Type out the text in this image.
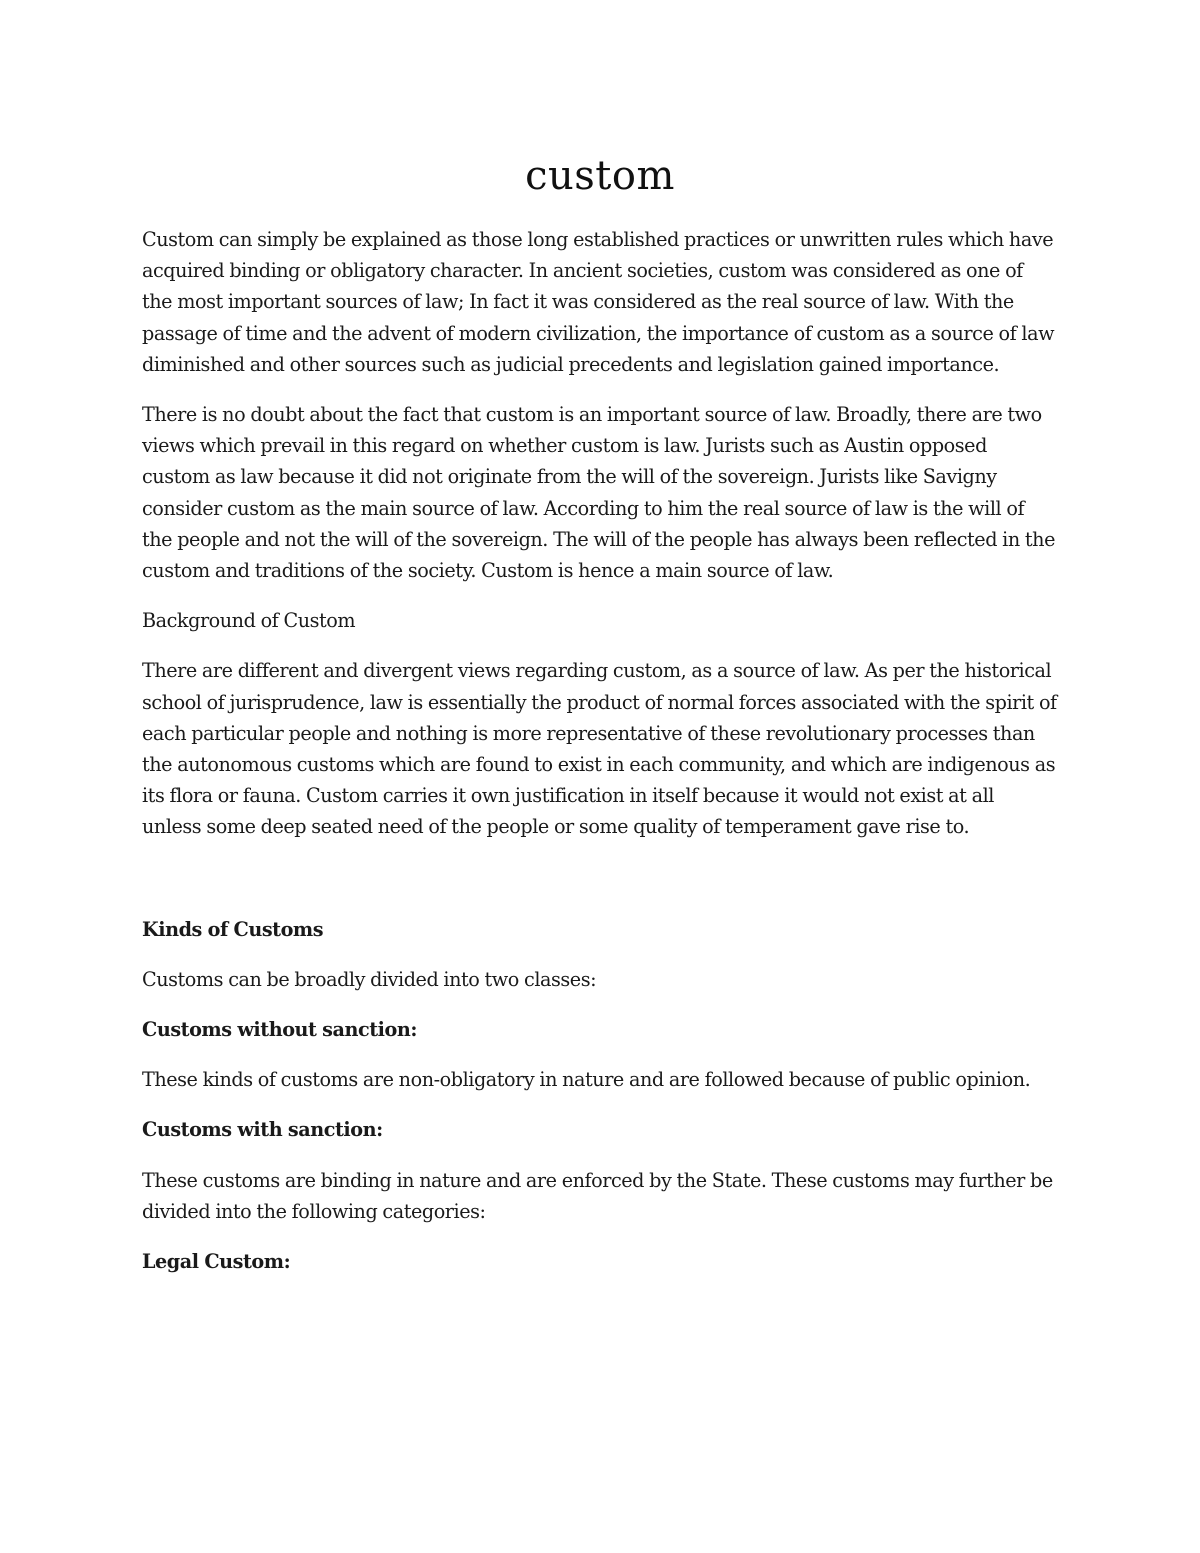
custom

Custom can simply be explained as those long established practices or unwritten rules which have acquired binding or obligatory character. In ancient societies, custom was considered as one of the most important sources of law; In fact it was considered as the real source of law. With the passage of time and the advent of modern civilization, the importance of custom as a source of law diminished and other sources such as judicial precedents and legislation gained importance.

There is no doubt about the fact that custom is an important source of law. Broadly, there are two views which prevail in this regard on whether custom is law. Jurists such as Austin opposed custom as law because it did not originate from the will of the sovereign. Jurists like Savigny consider custom as the main source of law. According to him the real source of law is the will of the people and not the will of the sovereign. The will of the people has always been reflected in the custom and traditions of the society. Custom is hence a main source of law.

Background of Custom

There are different and divergent views regarding custom, as a source of law. As per the historical school of jurisprudence, law is essentially the product of normal forces associated with the spirit of each particular people and nothing is more representative of these revolutionary processes than the autonomous customs which are found to exist in each community, and which are indigenous as its flora or fauna. Custom carries it own justification in itself because it would not exist at all unless some deep seated need of the people or some quality of temperament gave rise to.

Kinds of Customs

Customs can be broadly divided into two classes:

Customs without sanction:

These kinds of customs are non-obligatory in nature and are followed because of public opinion.

Customs with sanction:

These customs are binding in nature and are enforced by the State. These customs may further be divided into the following categories:

Legal Custom:
